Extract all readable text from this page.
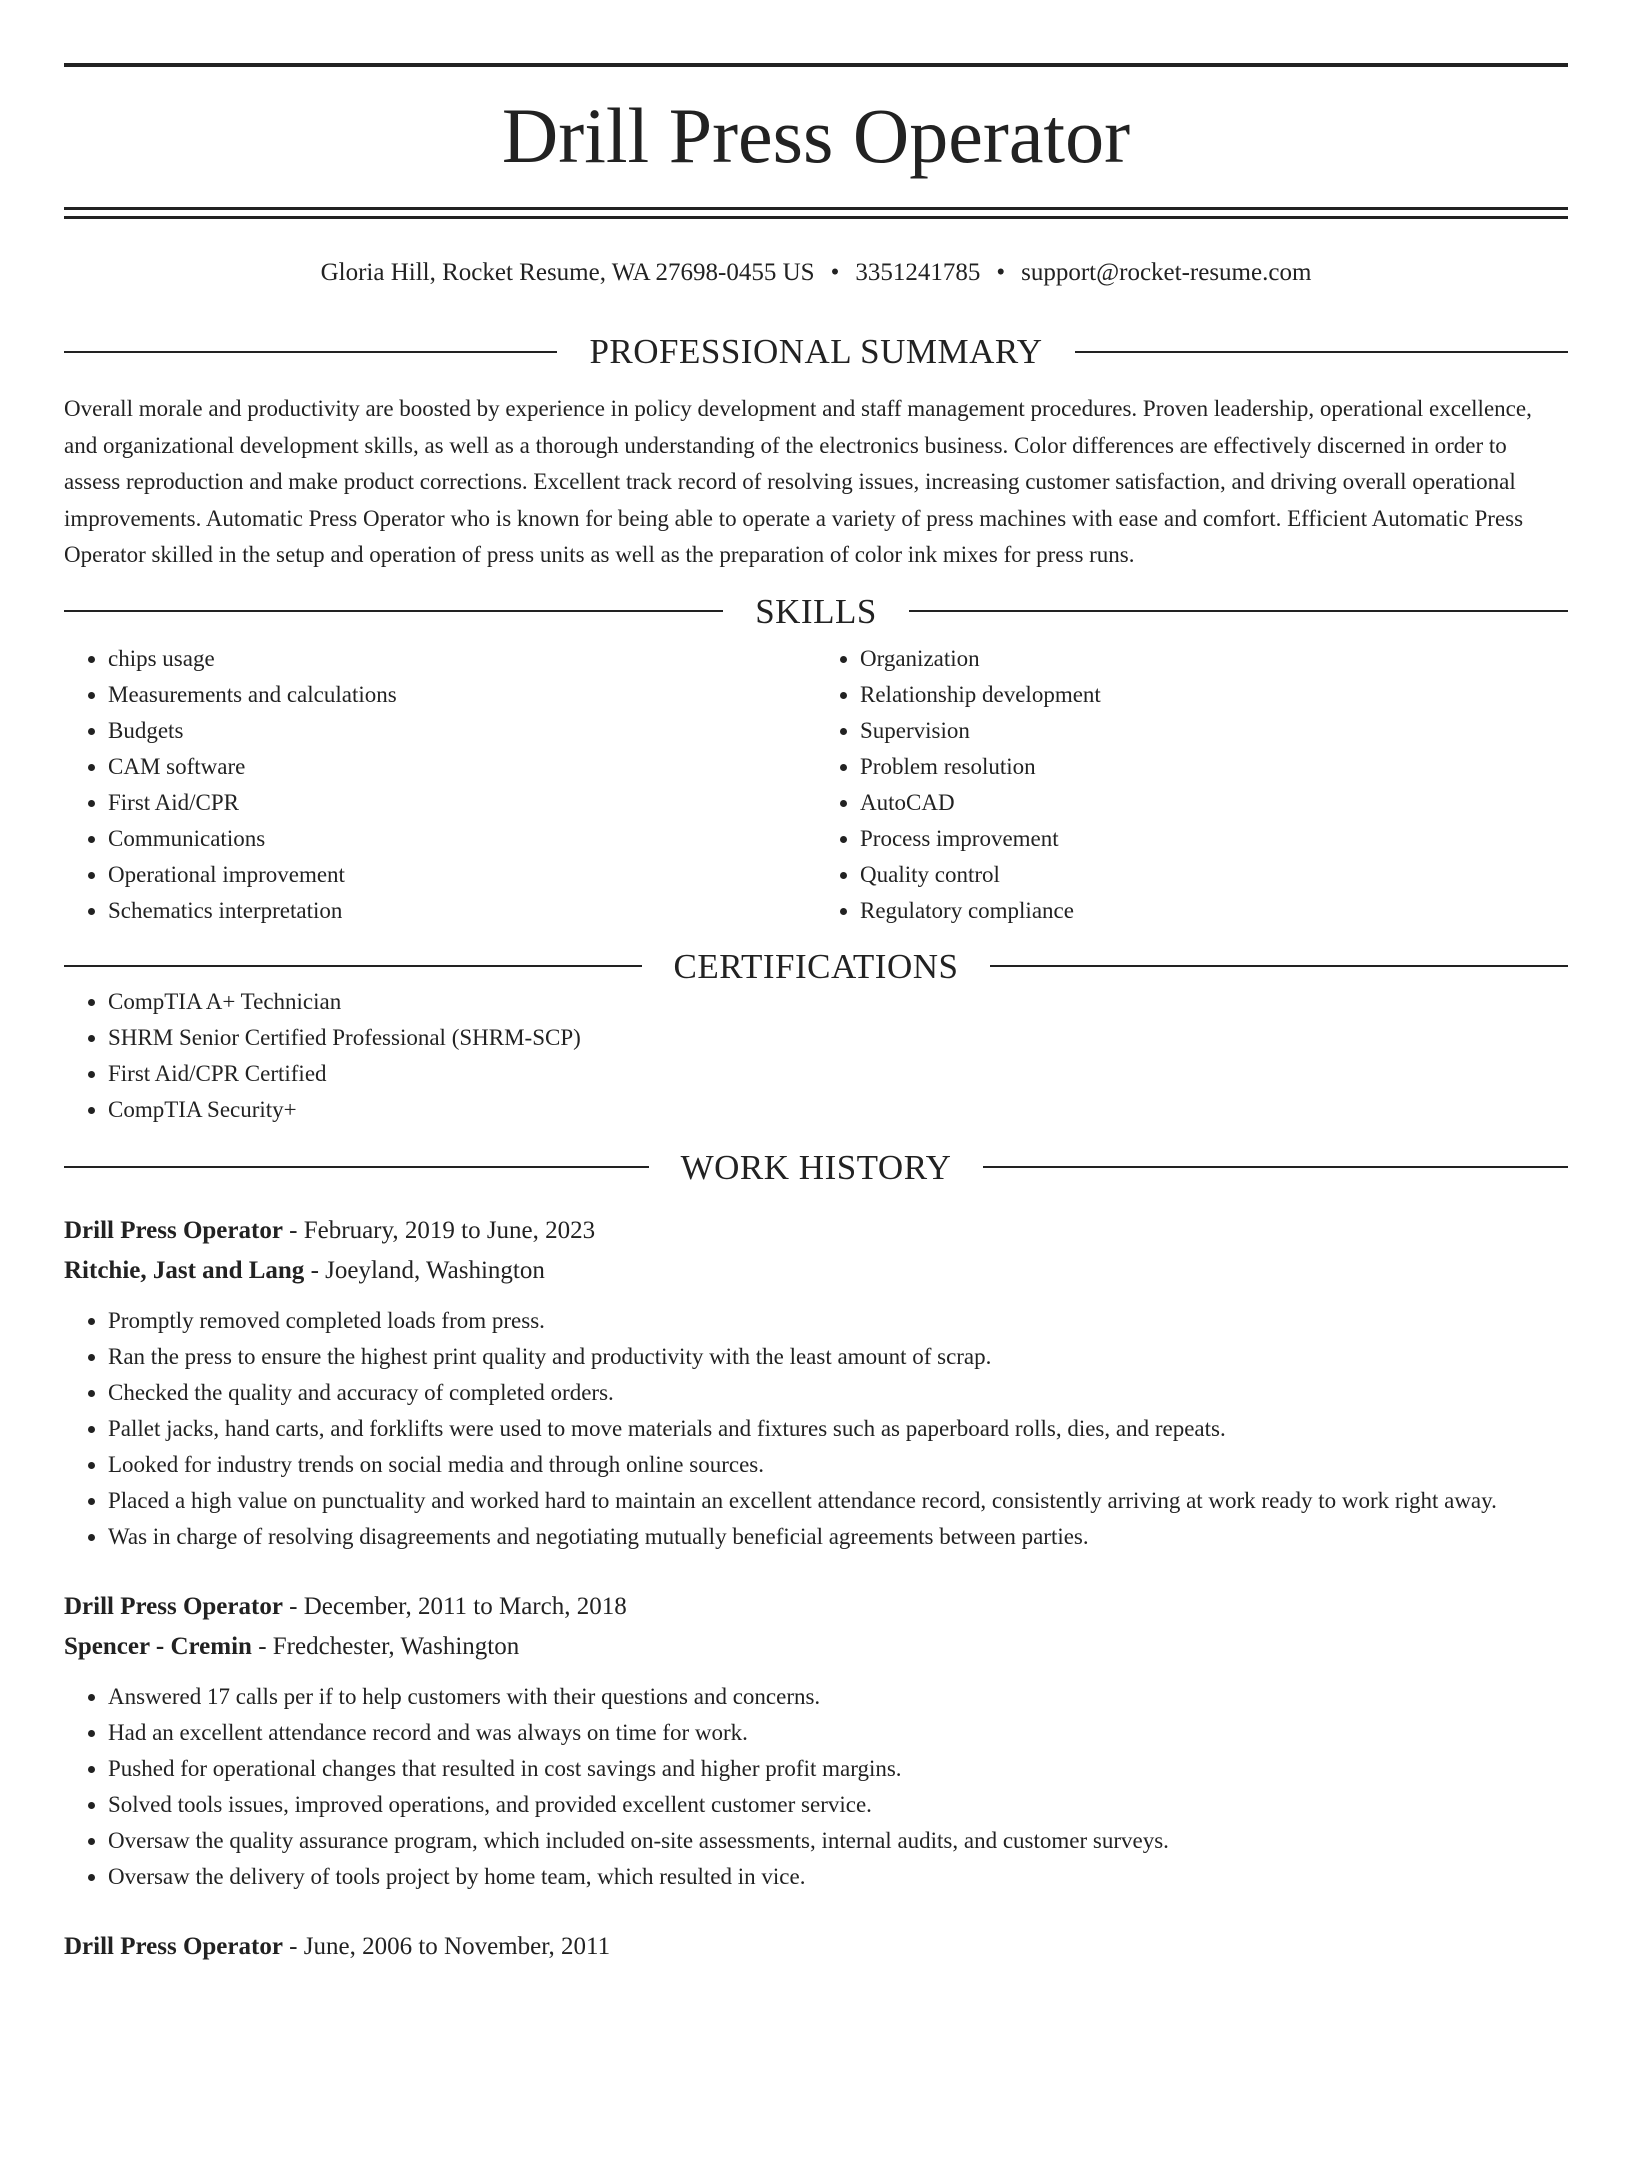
Drill Press Operator
Gloria Hill, Rocket Resume, WA 27698-0455 US • 3351241785 • support@rocket-resume.com
PROFESSIONAL SUMMARY

Overall morale and productivity are boosted by experience in policy development and staff management procedures. Proven leadership, operational excellence, and organizational development skills, as well as a thorough understanding of the electronics business. Color differences are effectively discerned in order to assess reproduction and make product corrections. Excellent track record of resolving issues, increasing customer satisfaction, and driving overall operational improvements. Automatic Press Operator who is known for being able to operate a variety of press machines with ease and comfort. Efficient Automatic Press Operator skilled in the setup and operation of press units as well as the preparation of color ink mixes for press runs.

SKILLS
• chips usage
• Measurements and calculations
• Budgets
• CAM software
• First Aid/CPR
• Communications
• Operational improvement
• Schematics interpretation
• Organization
• Relationship development
• Supervision
• Problem resolution
• AutoCAD
• Process improvement
• Quality control
• Regulatory compliance
CERTIFICATIONS
• CompTIA A+ Technician
• SHRM Senior Certified Professional (SHRM-SCP)
• First Aid/CPR Certified
• CompTIA Security+
WORK HISTORY
Drill Press Operator - February, 2019 to June, 2023
Ritchie, Jast and Lang - Joeyland, Washington
• Promptly removed completed loads from press.
• Ran the press to ensure the highest print quality and productivity with the least amount of scrap.
• Checked the quality and accuracy of completed orders.
• Pallet jacks, hand carts, and forklifts were used to move materials and fixtures such as paperboard rolls, dies, and repeats.
• Looked for industry trends on social media and through online sources.
• Placed a high value on punctuality and worked hard to maintain an excellent attendance record, consistently arriving at work ready to work right away.
• Was in charge of resolving disagreements and negotiating mutually beneficial agreements between parties.
Drill Press Operator - December, 2011 to March, 2018
Spencer - Cremin - Fredchester, Washington
• Answered 17 calls per if to help customers with their questions and concerns.
• Had an excellent attendance record and was always on time for work.
• Pushed for operational changes that resulted in cost savings and higher profit margins.
• Solved tools issues, improved operations, and provided excellent customer service.
• Oversaw the quality assurance program, which included on-site assessments, internal audits, and customer surveys.
• Oversaw the delivery of tools project by home team, which resulted in vice.
Drill Press Operator - June, 2006 to November, 2011
